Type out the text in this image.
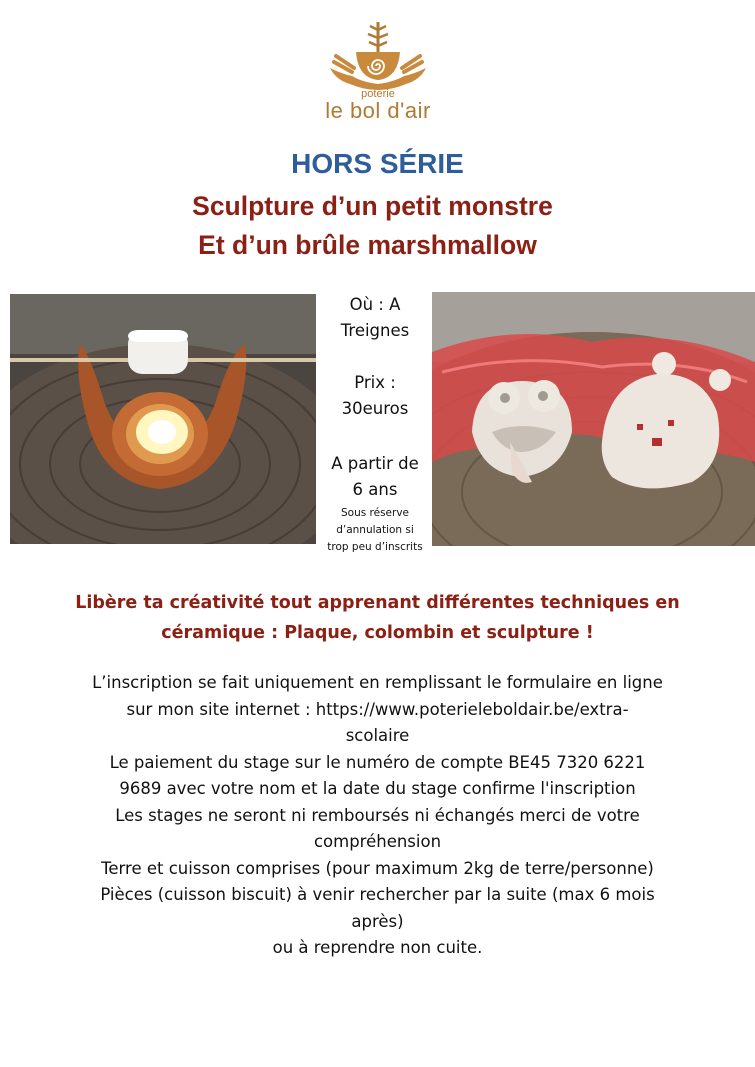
poterie
le bol d'air
HORS SÉRIE
Sculpture d’un petit monstre
Et d’un brûle marshmallow
Où : A
Treignes
Prix :
30euros
A partir de
6 ans
Sous réserve
d’annulation si
trop peu d’inscrits
Libère ta créativité tout apprenant différentes techniques en
céramique : Plaque, colombin et sculpture !

L’inscription se fait uniquement en remplissant le formulaire en ligne

sur mon site internet : https://www.poterieleboldair.be/extra-

scolaire

Le paiement du stage sur le numéro de compte BE45 7320 6221

9689 avec votre nom et la date du stage confirme l'inscription

Les stages ne seront ni remboursés ni échangés merci de votre

compréhension

Terre et cuisson comprises (pour maximum 2kg de terre/personne)

Pièces (cuisson biscuit) à venir rechercher par la suite (max 6 mois

après)

ou à reprendre non cuite.
